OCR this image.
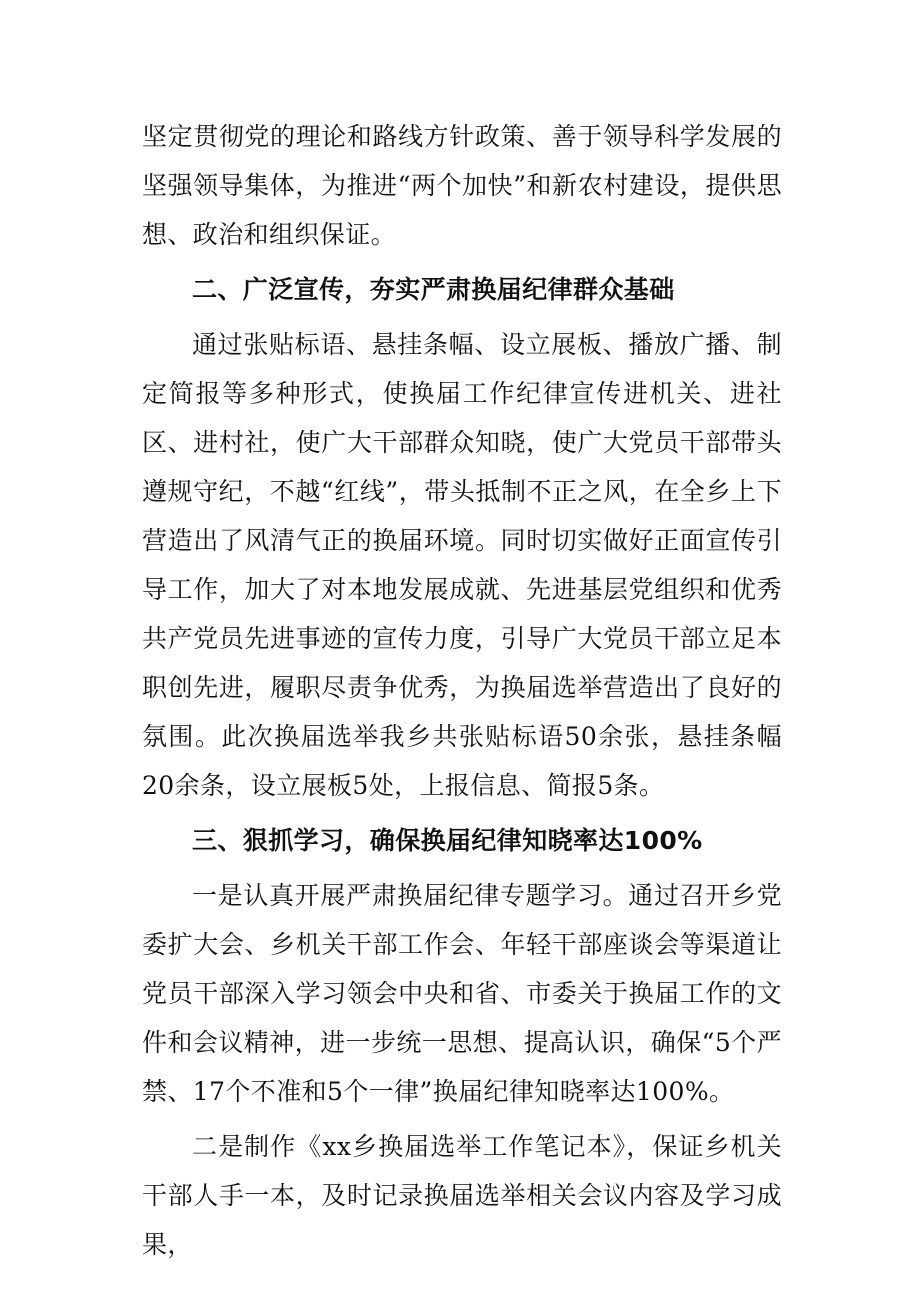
坚定贯彻党的理论和路线方针政策、善于领导科学发展的坚强领导集体，为推进“两个加快”和新农村建设，提供思想、政治和组织保证。

二、广泛宣传，夯实严肃换届纪律群众基础

通过张贴标语、悬挂条幅、设立展板、播放广播、制定简报等多种形式，使换届工作纪律宣传进机关、进社区、进村社，使广大干部群众知晓，使广大党员干部带头遵规守纪，不越“红线”，带头抵制不正之风，在全乡上下营造出了风清气正的换届环境。同时切实做好正面宣传引导工作，加大了对本地发展成就、先进基层党组织和优秀共产党员先进事迹的宣传力度，引导广大党员干部立足本职创先进，履职尽责争优秀，为换届选举营造出了良好的氛围。此次换届选举我乡共张贴标语50余张，悬挂条幅20余条，设立展板5处，上报信息、简报5条。

三、狠抓学习，确保换届纪律知晓率达100%

一是认真开展严肃换届纪律专题学习。通过召开乡党委扩大会、乡机关干部工作会、年轻干部座谈会等渠道让党员干部深入学习领会中央和省、市委关于换届工作的文件和会议精神，进一步统一思想、提高认识，确保“5个严禁、17个不准和5个一律”换届纪律知晓率达100%。

二是制作《xx乡换届选举工作笔记本》，保证乡机关干部人手一本，及时记录换届选举相关会议内容及学习成果，
